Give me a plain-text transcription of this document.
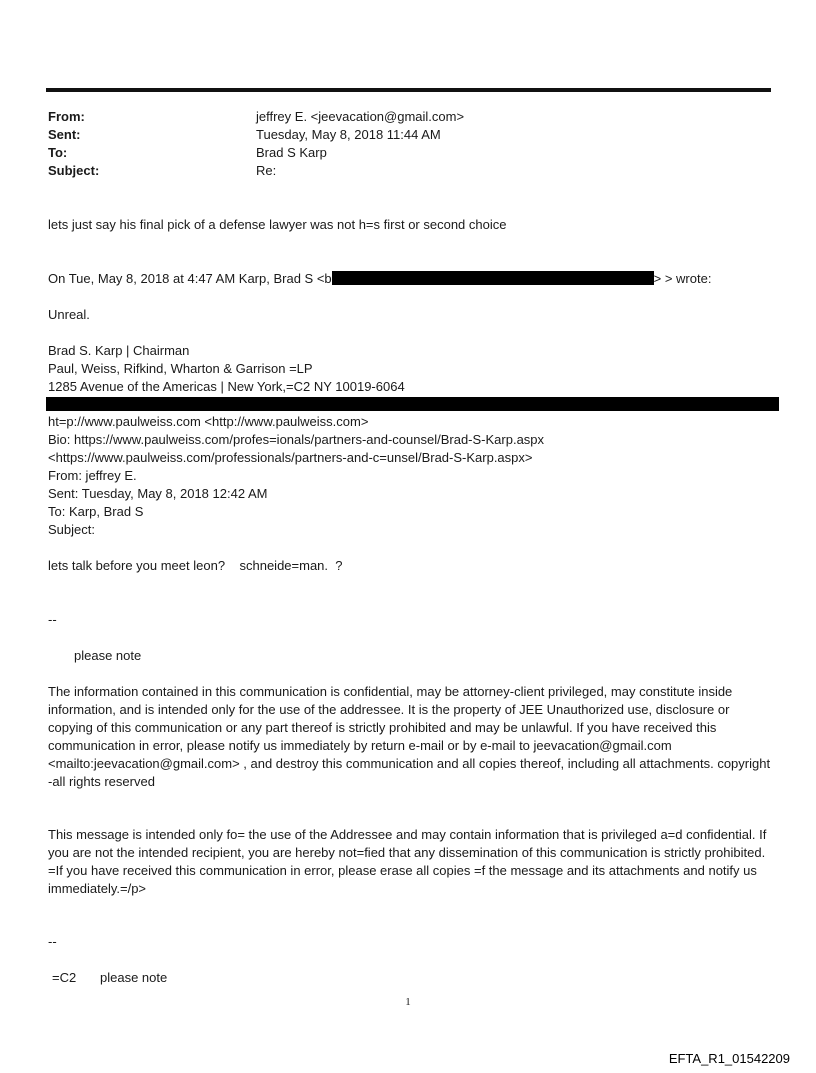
From:	jeffrey E. <jeevacation@gmail.com>
Sent:	Tuesday, May 8, 2018 11:44 AM
To:	Brad S Karp
Subject:	Re:

lets just say his final pick of a defense lawyer was not h=s first or second choice

On Tue, May 8, 2018 at 4:47 AM Karp, Brad S <b	> > wrote:

Unreal.

Brad S. Karp | Chairman

Paul, Weiss, Rifkind, Wharton & Garrison =LP

1285 Avenue of the Americas | New York,=C2 NY 10019-6064

ht=p://www.paulweiss.com <http://www.paulweiss.com>

Bio: https://www.paulweiss.com/profes=ionals/partners-and-counsel/Brad-S-Karp.aspx

<https://www.paulweiss.com/professionals/partners-and-c=unsel/Brad-S-Karp.aspx>

From: jeffrey E.

Sent: Tuesday, May 8, 2018 12:42 AM

To: Karp, Brad S

Subject:

lets talk before you meet leon?    schneide=man.  ?

--

please note

The information contained in this communication is confidential, may be attorney-client privileged, may constitute inside information, and is intended only for the use of the addressee. It is the property of JEE Unauthorized use, disclosure or copying of this communication or any part thereof is strictly prohibited and may be unlawful. If you have received this communication in error, please notify us immediately by return e-mail or by e-mail to jeevacation@gmail.com <mailto:jeevacation@gmail.com> , and destroy this communication and all copies thereof, including all attachments. copyright -all rights reserved

This message is intended only fo= the use of the Addressee and may contain information that is privileged a=d confidential. If you are not the intended recipient, you are hereby not=fied that any dissemination of this communication is strictly prohibited. =If you have received this communication in error, please erase all copies =f the message and its attachments and notify us immediately.=/p>

--

=C2 please note

1
EFTA_R1_01542209
